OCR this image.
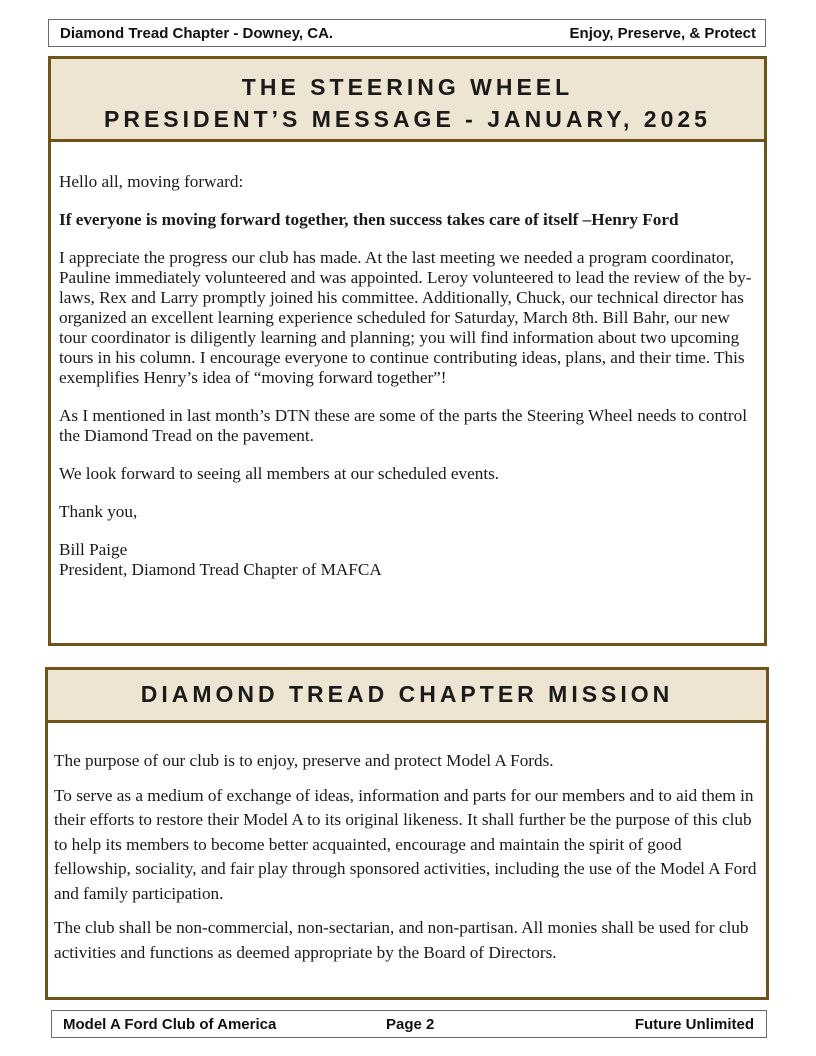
Diamond Tread Chapter - Downey, CA.	Enjoy, Preserve, & Protect
THE STEERING WHEEL
PRESIDENT’S MESSAGE - JANUARY, 2025

Hello all, moving forward:

If everyone is moving forward together, then success takes care of itself –Henry Ford

I appreciate the progress our club has made. At the last meeting we needed a program coordinator, Pauline immediately volunteered and was appointed. Leroy volunteered to lead the review of the by-laws, Rex and Larry promptly joined his committee. Additionally, Chuck, our technical director has organized an excellent learning experience scheduled for Saturday, March 8th. Bill Bahr, our new tour coordinator is diligently learning and planning; you will find information about two upcoming tours in his column. I encourage everyone to continue contributing ideas, plans, and their time. This exemplifies Henry’s idea of “moving forward together”!

As I mentioned in last month’s DTN these are some of the parts the Steering Wheel needs to control the Diamond Tread on the pavement.

We look forward to seeing all members at our scheduled events.

Thank you,

Bill Paige
President, Diamond Tread Chapter of MAFCA

DIAMOND TREAD CHAPTER MISSION

The purpose of our club is to enjoy, preserve and protect Model A Fords.

To serve as a medium of exchange of ideas, information and parts for our members and to aid them in their efforts to restore their Model A to its original likeness. It shall further be the purpose of this club to help its members to become better acquainted, encourage and maintain the spirit of good    fellowship, sociality, and fair play through sponsored activities, including the use of the Model A Ford and family participation.

The club shall be non-commercial, non-sectarian, and non-partisan. All monies shall be used for club activities and functions as deemed appropriate by the Board of Directors.

Model A Ford Club of America	Page 2	Future Unlimited
